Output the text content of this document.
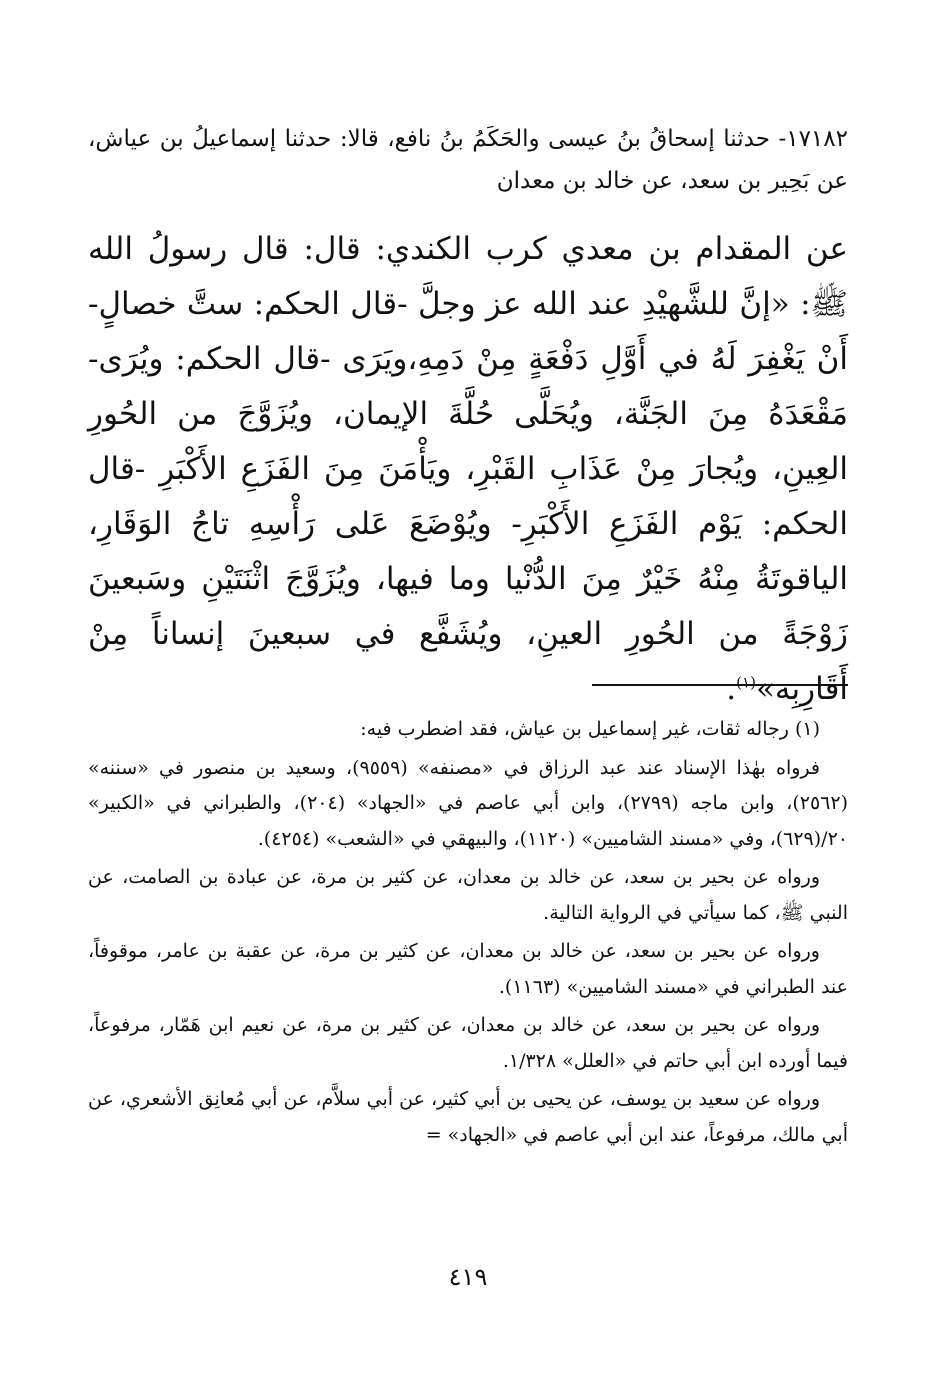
١٧١٨٢- حدثنا إسحاقُ بنُ عيسى والحَكَمُ بنُ نافع، قالا: حدثنا إسماعيلُ بن عياش، عن بَحِير بن سعد، عن خالد بن معدان

عن المقدام بن معدي كرب الكندي: قال: قال رسولُ الله ﷺ: «إنَّ للشَّهيْدِ عند الله عز وجلَّ -قال الحكم: ستَّ خصالٍ- أَنْ يَغْفِرَ لَهُ في أَوَّلِ دَفْعَةٍ مِنْ دَمِهِ،ويَرَى -قال الحكم: ويُرَى- مَقْعَدَهُ مِنَ الجَنَّة، ويُحَلَّى حُلَّةَ الإيمان، ويُزَوَّجَ من الحُورِ العِينِ، ويُجارَ مِنْ عَذَابِ القَبْرِ، ويَأْمَنَ مِنَ الفَزَعِ الأَكْبَرِ -قال الحكم: يَوْم الفَزَعِ الأَكْبَرِ- ويُوْضَعَ عَلى رَأْسِهِ تاجُ الوَقَارِ، الياقوتَةُ مِنْهُ خَيْرٌ مِنَ الدُّنْيا وما فيها، ويُزَوَّجَ اثْنَتَيْنِ وسَبعينَ زَوْجَةً من الحُورِ العينِ، ويُشَفَّع في سبعينَ إنساناً مِنْ أَقَارِبِه»$^{(١)}$.

(١) رجاله ثقات، غير إسماعيل بن عياش، فقد اضطرب فيه:

فرواه بهٰذا الإسناد عند عبد الرزاق في «مصنفه» (٩٥٥٩)، وسعيد بن منصور في «سننه» (٢٥٦٢)، وابن ماجه (٢٧٩٩)، وابن أبي عاصم في «الجهاد» (٢٠٤)، والطبراني في «الكبير» ٢٠/(٦٢٩)، وفي «مسند الشاميين» (١١٢٠)، والبيهقي في «الشعب» (٤٢٥٤).

ورواه عن بحير بن سعد، عن خالد بن معدان، عن كثير بن مرة، عن عبادة بن الصامت، عن النبي ﷺ، كما سيأتي في الرواية التالية.

ورواه عن بحير بن سعد، عن خالد بن معدان، عن كثير بن مرة، عن عقبة بن عامر، موقوفاً، عند الطبراني في «مسند الشاميين» (١١٦٣).

ورواه عن بحير بن سعد، عن خالد بن معدان، عن كثير بن مرة، عن نعيم ابن هَمّار، مرفوعاً، فيما أورده ابن أبي حاتم في «العلل» ١/٣٢٨.

ورواه عن سعيد بن يوسف، عن يحيى بن أبي كثير، عن أبي سلاَّم، عن أبي مُعانِق الأشعري، عن أبي مالك، مرفوعاً، عند ابن أبي عاصم في «الجهاد» =

٤١٩
